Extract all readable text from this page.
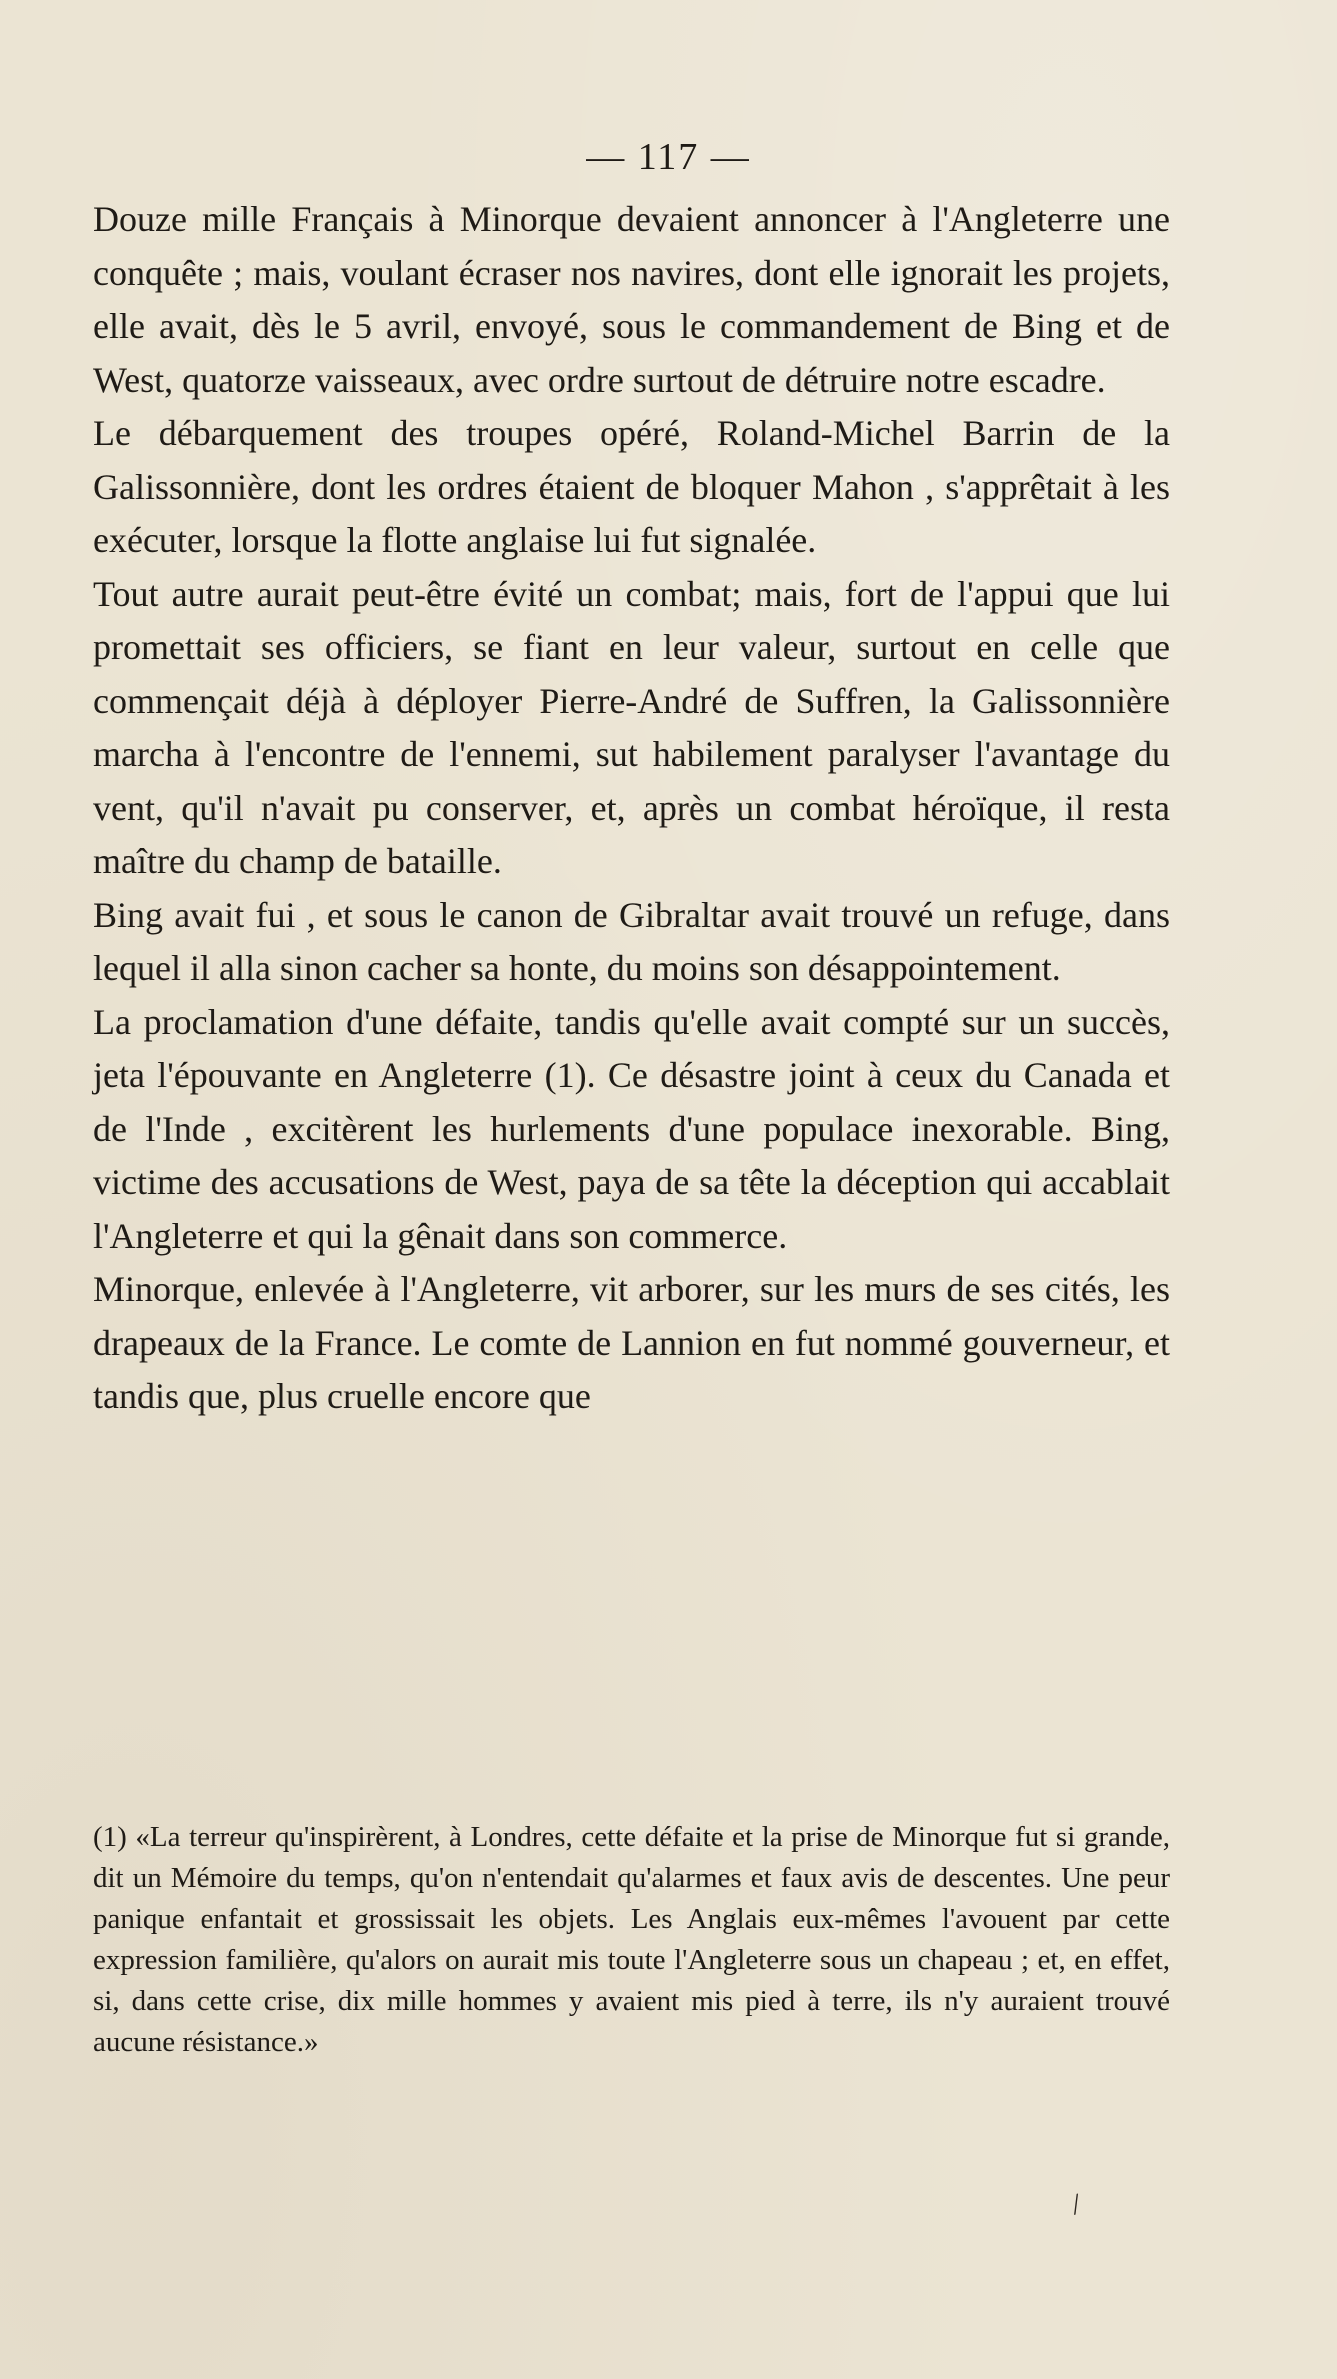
— 117 —

Douze mille Français à Minorque devaient annoncer à l'Angleterre une conquête ; mais, voulant écraser nos navires, dont elle ignorait les projets, elle avait, dès le 5 avril, envoyé, sous le commandement de Bing et de West, quatorze vaisseaux, avec ordre surtout de détruire notre escadre.

Le débarquement des troupes opéré, Roland-Michel Barrin de la Galissonnière, dont les ordres étaient de bloquer Mahon , s'apprêtait à les exécuter, lorsque la flotte anglaise lui fut signalée.

Tout autre aurait peut-être évité un combat; mais, fort de l'appui que lui promettait ses officiers, se fiant en leur valeur, surtout en celle que commençait déjà à déployer Pierre-André de Suffren, la Galissonnière marcha à l'encontre de l'ennemi, sut habilement paralyser l'avantage du vent, qu'il n'avait pu conserver, et, après un combat héroïque, il resta maître du champ de bataille.

Bing avait fui , et sous le canon de Gibraltar avait trouvé un refuge, dans lequel il alla sinon cacher sa honte, du moins son désappointement.

La proclamation d'une défaite, tandis qu'elle avait compté sur un succès, jeta l'épouvante en Angleterre (1). Ce désastre joint à ceux du Canada et de l'Inde , excitèrent les hurlements d'une populace inexorable. Bing, victime des accusations de West, paya de sa tête la déception qui accablait l'Angleterre et qui la gênait dans son commerce.

Minorque, enlevée à l'Angleterre, vit arborer, sur les murs de ses cités, les drapeaux de la France. Le comte de Lannion en fut nommé gouverneur, et tandis que, plus cruelle encore que

(1) «La terreur qu'inspirèrent, à Londres, cette défaite et la prise de Minorque fut si grande, dit un Mémoire du temps, qu'on n'entendait qu'alarmes et faux avis de descentes. Une peur panique enfantait et grossissait les objets. Les Anglais eux-mêmes l'avouent par cette expression familière, qu'alors on aurait mis toute l'Angleterre sous un chapeau ; et, en effet, si, dans cette crise, dix mille hommes y avaient mis pied à terre, ils n'y auraient trouvé aucune résistance.»

/
